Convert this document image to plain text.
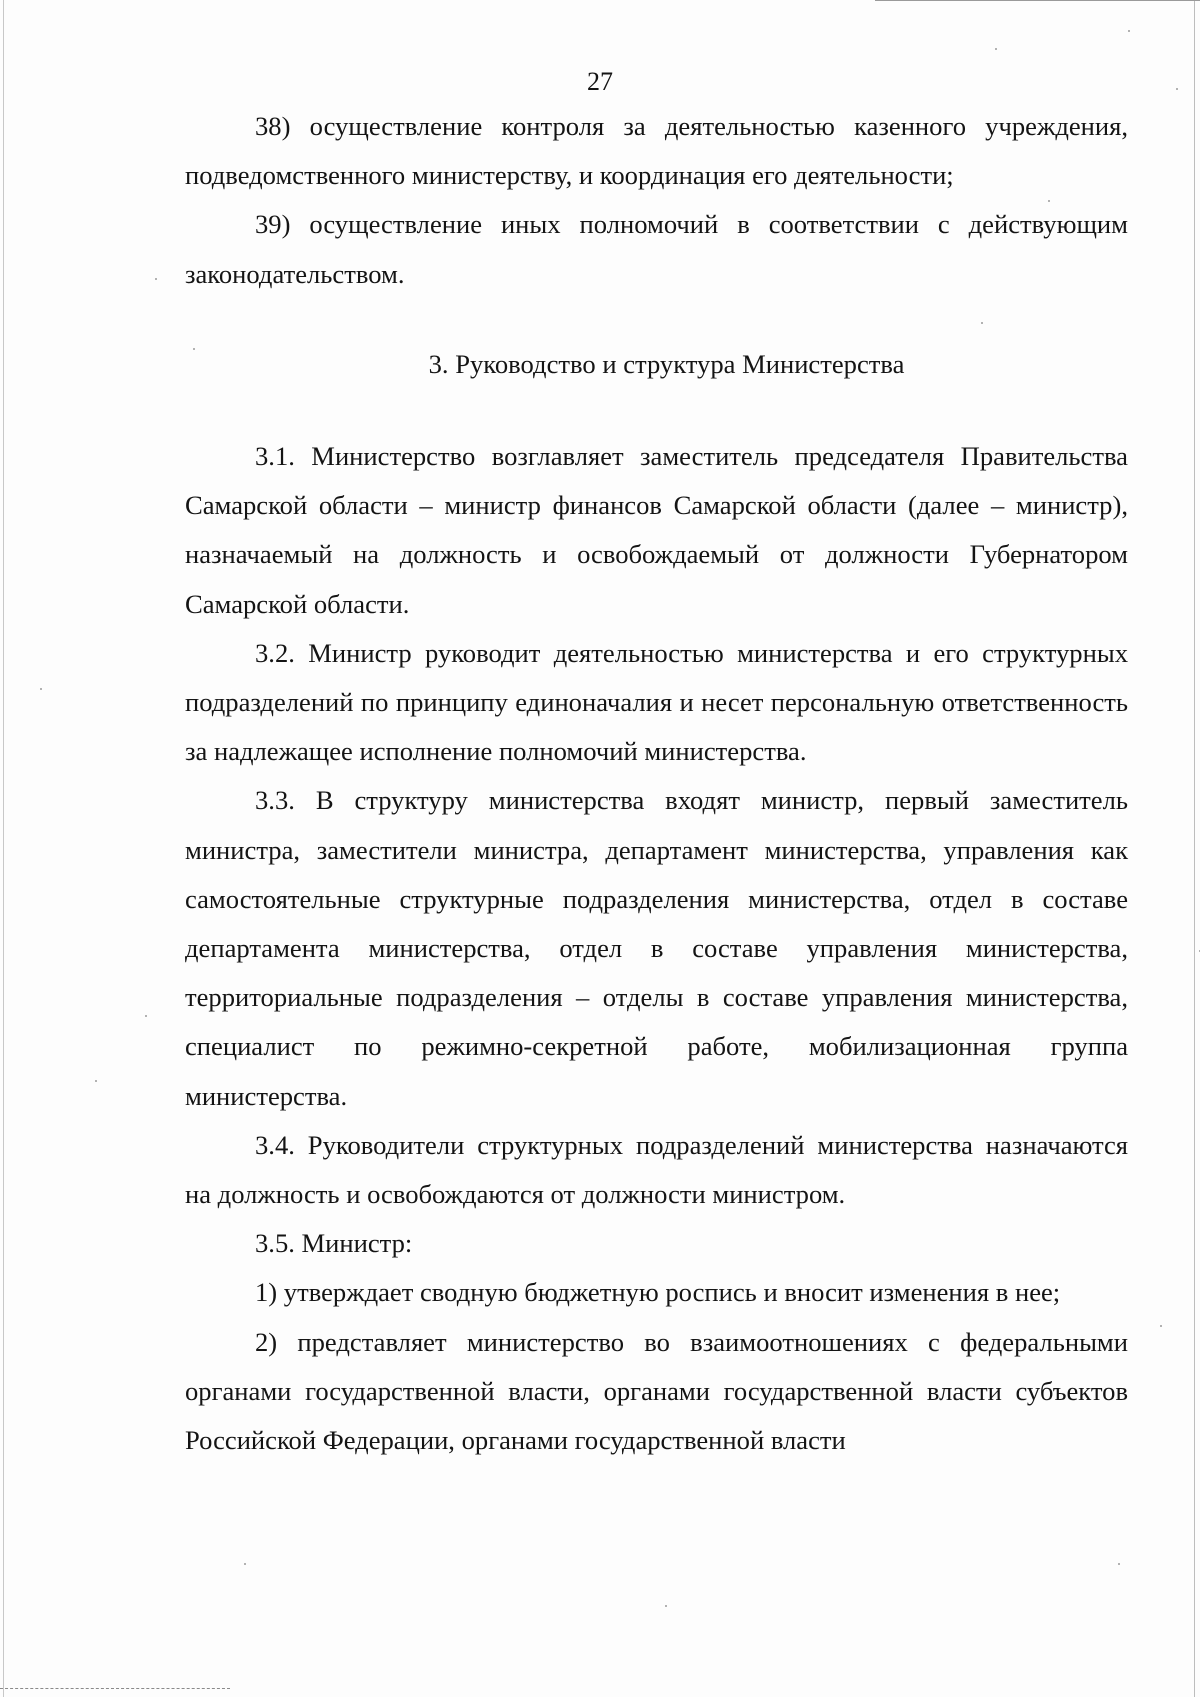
27

38) осуществление контроля за деятельностью казенного учреждения, подведомственного министерству, и координация его деятельности;

39) осуществление иных полномочий в соответствии с действующим законодательством.

3. Руководство и структура Министерства

3.1. Министерство возглавляет заместитель председателя Правительства Самарской области – министр финансов Самарской области (далее – министр), назначаемый на должность и освобождаемый от должности Губернатором Самарской области.

3.2. Министр руководит деятельностью министерства и его структурных подразделений по принципу единоначалия и несет персональную ответственность за надлежащее исполнение полномочий министерства.

3.3. В структуру министерства входят министр, первый заместитель министра, заместители министра, департамент министерства, управления как самостоятельные структурные подразделения министерства, отдел в составе департамента министерства, отдел в составе управления министерства, территориальные подразделения – отделы в составе управления министерства, специалист по режимно-секретной работе, мобилизационная группа министерства.

3.4. Руководители структурных подразделений министерства назначаются на должность и освобождаются от должности министром.

3.5. Министр:

1) утверждает сводную бюджетную роспись и вносит изменения в нее;

2) представляет министерство во взаимоотношениях с федеральными органами государственной власти, органами государственной власти субъектов Российской Федерации, органами государственной власти
